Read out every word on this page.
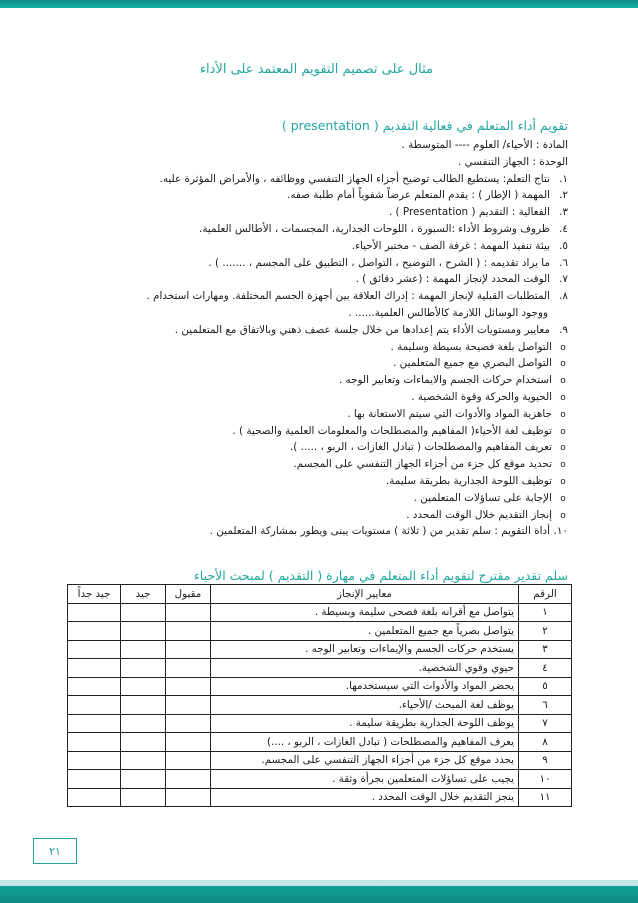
مثال على تصميم التقويم المعتمد على الأداء
تقويم أداء المتعلم في فعالية التقديم ( presentation )
المادة : الأحياء/ العلوم ---- المتوسطة .
الوحدة : الجهاز التنفسي .
١.نتاج التعلم: يستطيع الطالب توضيح أجزاء الجهاز التنفسي ووظائفه ، والأمراض المؤثرة عليه.
٢.المهمة ( الإطار ) : يقدم المتعلم عرضاً شفوياً أمام طلبة صفه.
٣.الفعالية : التقديم ( Presentation ) .
٤.ظروف وشروط الأداء :السبورة ، اللوحات الجدارية، المجسمات ، الأطالس العلمية.
٥.بيئة تنفيذ المهمة : غرفة الصف - مختبر الأحياء.
٦.ما يراد تقديمه : ( الشرح ، التوضيح ، التواصل ، التطبيق على المجسم ، ....... ) .
٧.الوقت المحدد لإنجاز المهمة : (عشر دقائق ) .
٨.المتطلبات القبلية لإنجاز المهمة : إدراك العلاقة بين أجهزة الجسم المختلفة. ومهارات استخدام .
ووجود الوسائل اللازمة كالأطالس العلمية...... .
٩.معايير ومستويات الأداء يتم إعدادها من خلال جلسة عصف ذهني وبالاتفاق مع المتعلمين .
oالتواصل بلغة فصيحة بسيطة وسليمة .
oالتواصل البصري مع جميع المتعلمين .
oاستخدام حركات الجسم والايماءات وتعابير الوجه .
oالحيوية والحركة وقوة الشخصية .
oجاهزية المواد والأدوات التي سيتم الاستعانة بها .
oتوظيف لغة الأحياء( المفاهيم والمصطلحات والمعلومات العلمية والصحية ) .
oتعريف المفاهيم والمصطلحات ( تبادل الغازات ، الربو ، ..... ).
oتحديد موقع كل جزء من أجزاء الجهاز التنفسي على المجسم.
oتوظيف اللوحة الجدارية بطريقة سليمة.
oالإجابة على تساؤلات المتعلمين .
oإنجاز التقديم خلال الوقت المحدد .
١٠.أداة التقويم : سلم تقدير من ( ثلاثة ) مستويات يبنى ويطور بمشاركة المتعلمين .
سلم تقدير مقترح لتقويم أداء المتعلم في مهارة ( التقديم ) لمبحث الأحياء
الرقم	معايير الإنجاز	مقبول	جيد	جيد جداً
١	يتواصل مع أقرانه بلغة فصحى سليمة وبسيطة .			
٢	يتواصل بصرياً مع جميع المتعلمين .			
٣	يستخدم حركات الجسم والإيماءات وتعابير الوجه .			
٤	حيوي وقوي الشخصية.			
٥	يحضر المواد والأدوات التي سيستخدمها.			
٦	يوظف لغة المبحث /الأحياء.			
٧	يوظف اللوحة الجدارية بطريقة سليمة .			
٨	يعرف المفاهيم والمصطلحات ( تبادل الغازات ، الربو ، ....)			
٩	يحدد موقع كل جزء من أجزاء الجهاز التنفسي على المجسم.			
١٠	يجيب على تساؤلات المتعلمين بجرأة وثقة .			
١١	ينجز التقديم خلال الوقت المحدد .			
٢١
